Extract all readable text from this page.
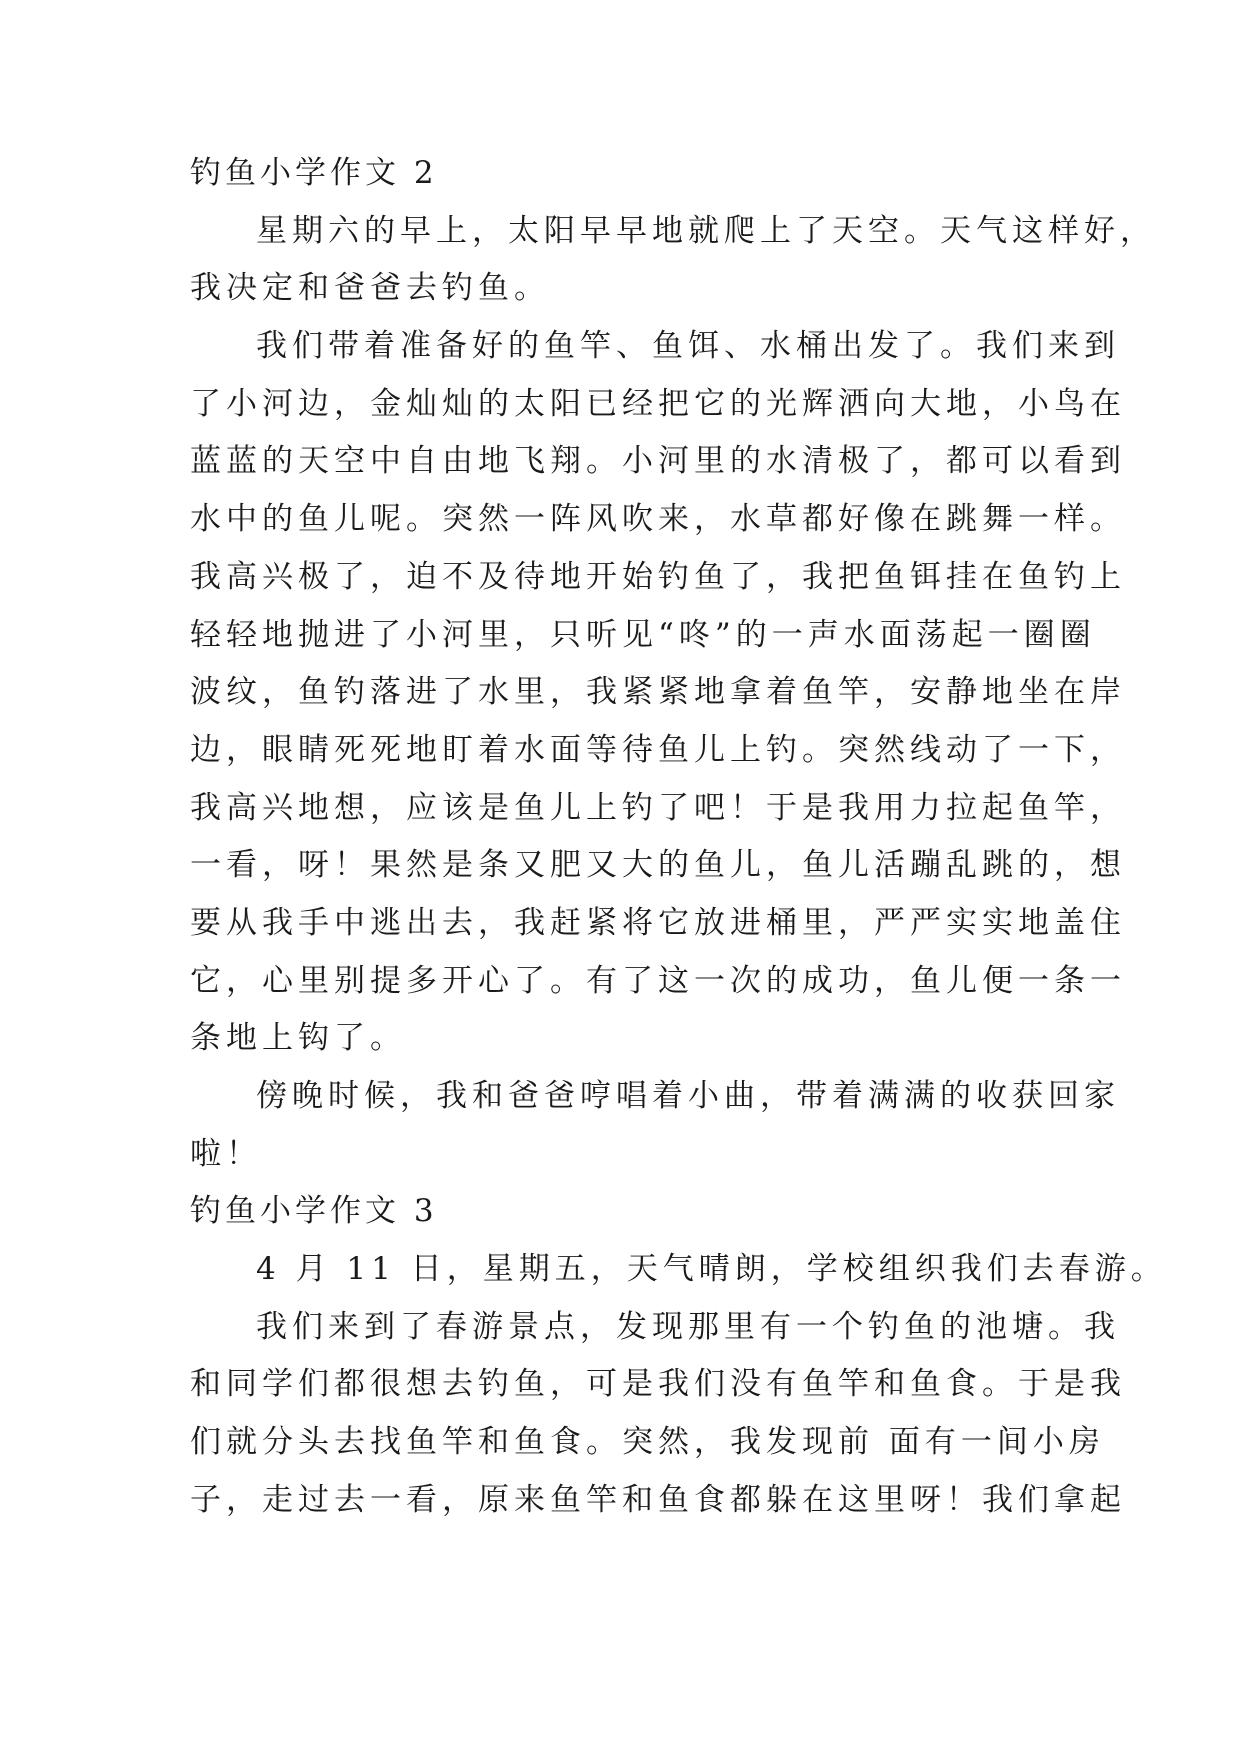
钓鱼小学作文 2
星期六的早上，太阳早早地就爬上了天空。天气这样好，
我决定和爸爸去钓鱼。
我们带着准备好的鱼竿、鱼饵、水桶出发了。我们来到
了小河边，金灿灿的太阳已经把它的光辉洒向大地，小鸟在
蓝蓝的天空中自由地飞翔。小河里的水清极了，都可以看到
水中的鱼儿呢。突然一阵风吹来，水草都好像在跳舞一样。
我高兴极了，迫不及待地开始钓鱼了，我把鱼铒挂在鱼钓上
轻轻地抛进了小河里，只听见“咚”的一声水面荡起一圈圈
波纹，鱼钓落进了水里，我紧紧地拿着鱼竿，安静地坐在岸
边，眼睛死死地盯着水面等待鱼儿上钓。突然线动了一下，
我高兴地想，应该是鱼儿上钓了吧！于是我用力拉起鱼竿，
一看，呀！果然是条又肥又大的鱼儿，鱼儿活蹦乱跳的，想
要从我手中逃出去，我赶紧将它放进桶里，严严实实地盖住
它，心里别提多开心了。有了这一次的成功，鱼儿便一条一
条地上钩了。
傍晚时候，我和爸爸哼唱着小曲，带着满满的收获回家
啦！
钓鱼小学作文 3
4 月 11 日，星期五，天气晴朗，学校组织我们去春游。
我们来到了春游景点，发现那里有一个钓鱼的池塘。我
和同学们都很想去钓鱼，可是我们没有鱼竿和鱼食。于是我
们就分头去找鱼竿和鱼食。突然，我发现前 面有一间小房
子，走过去一看，原来鱼竿和鱼食都躲在这里呀！我们拿起
